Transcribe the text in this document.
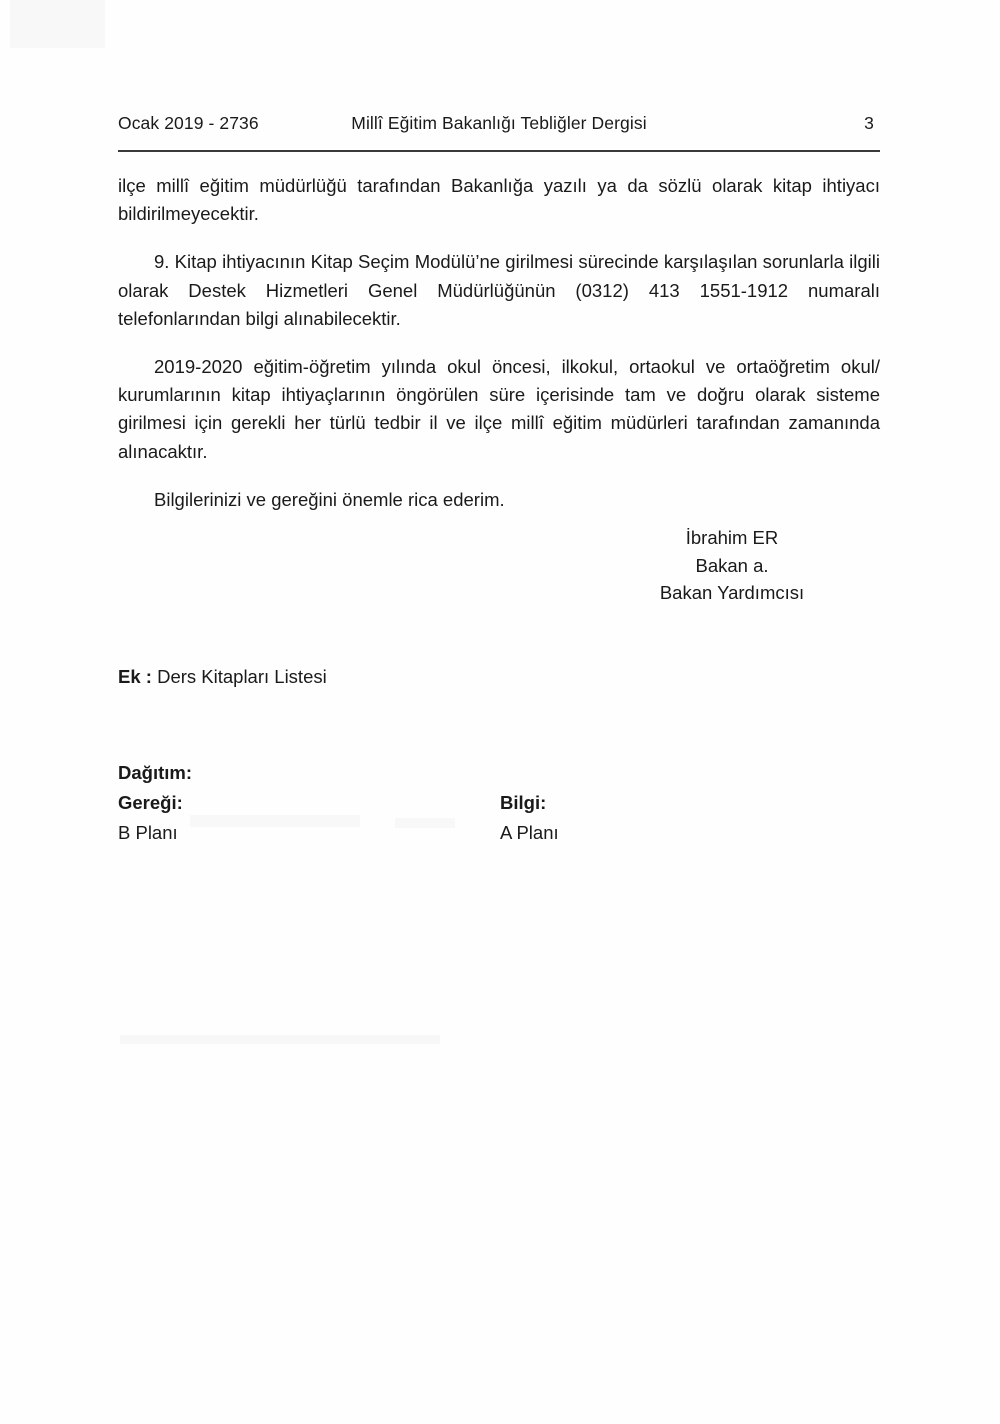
Ocak 2019 - 2736	Millî Eğitim Bakanlığı Tebliğler Dergisi	3

ilçe millî eğitim müdürlüğü tarafından Bakanlığa yazılı ya da sözlü olarak kitap ihtiyacı bildirilmeyecektir.

9. Kitap ihtiyacının Kitap Seçim Modülü’ne girilmesi sürecinde karşılaşılan sorunlarla ilgili olarak Destek Hizmetleri Genel Müdürlüğünün (0312) 413 1551-1912 numaralı telefonlarından bilgi alınabilecektir.

2019-2020 eğitim-öğretim yılında okul öncesi, ilkokul, ortaokul ve ortaöğretim okul/ kurumlarının kitap ihtiyaçlarının öngörülen süre içerisinde tam ve doğru olarak sisteme girilmesi için gerekli her türlü tedbir il ve ilçe millî eğitim müdürleri tarafından zamanında alınacaktır.

Bilgilerinizi ve gereğini önemle rica ederim.

İbrahim ER
Bakan a.
Bakan Yardımcısı
Ek : Ders Kitapları Listesi
Dağıtım:
Gereği:	Bilgi:
B Planı	A Planı
